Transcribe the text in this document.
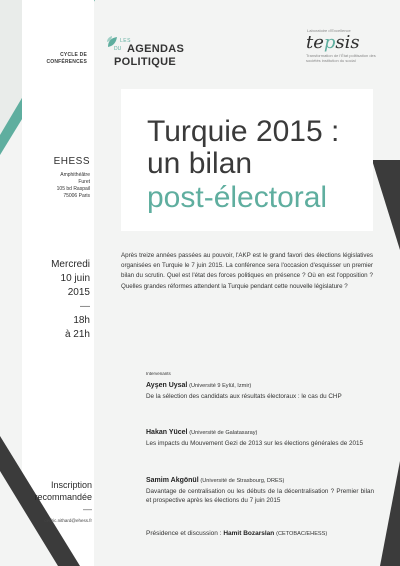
CYCLE DE CONFÉRENCES
LES
DU AGENDAS
POLITIQUE
Laboratoire d'Excellence
tepsis
Transformation de l'État politisation des sociétés institution du social
Turquie 2015 :
un bilan
post-électoral
EHESS
Amphithéâtre
Furet
105 bd Raspail
75006 Paris
Mercredi
10 juin
2015
—
18h
à 21h
Inscription
recommandée
—
cedric.nithard@ehess.fr
Après treize années passées au pouvoir, l'AKP est le grand favori des élections législatives organisées en Turquie le 7 juin 2015. La conférence sera l'occasion d'esquisser un premier bilan du scrutin. Quel est l'état des forces politiques en présence ? Où en est l'opposition ? Quelles grandes réformes attendent la Turquie pendant cette nouvelle législature ?
Intervenants
Ayşen Uysal (Université 9 Eylül, Izmir)
De la sélection des candidats aux résultats électoraux : le cas du CHP
Hakan Yücel (Université de Galatasaray)
Les impacts du Mouvement Gezi de 2013 sur les élections générales de 2015
Samim Akgönül (Université de Strasbourg, DRES)
Davantage de centralisation ou les débuts de la décentralisation ? Premier bilan et prospective après les élections du 7 juin 2015
Présidence et discussion : Hamit Bozarslan (CETOBAC/EHESS)
